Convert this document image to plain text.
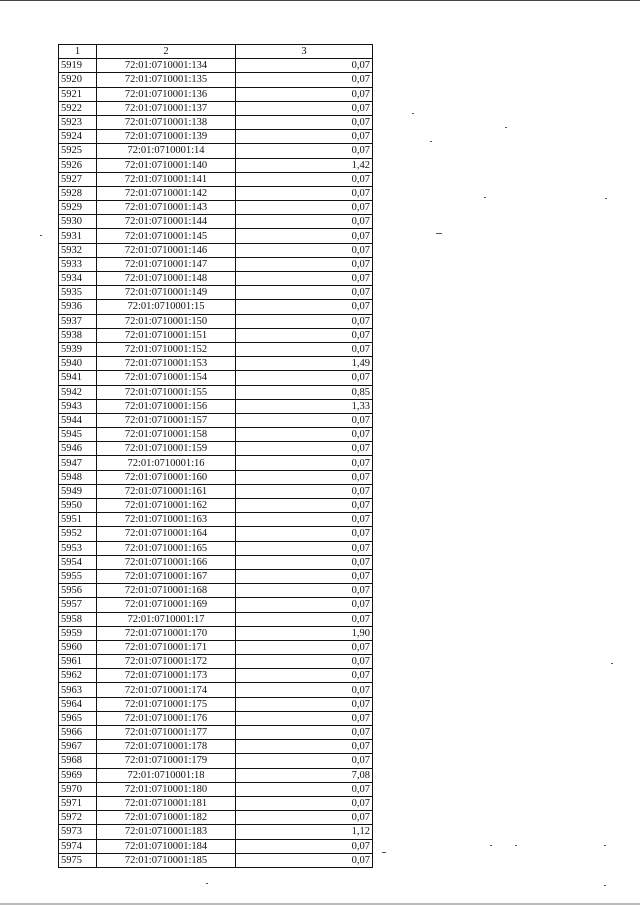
1	2	3
5919	72:01:0710001:134	0,07
5920	72:01:0710001:135	0,07
5921	72:01:0710001:136	0,07
5922	72:01:0710001:137	0,07
5923	72:01:0710001:138	0,07
5924	72:01:0710001:139	0,07
5925	72:01:0710001:14	0,07
5926	72:01:0710001:140	1,42
5927	72:01:0710001:141	0,07
5928	72:01:0710001:142	0,07
5929	72:01:0710001:143	0,07
5930	72:01:0710001:144	0,07
5931	72:01:0710001:145	0,07
5932	72:01:0710001:146	0,07
5933	72:01:0710001:147	0,07
5934	72:01:0710001:148	0,07
5935	72:01:0710001:149	0,07
5936	72:01:0710001:15	0,07
5937	72:01:0710001:150	0,07
5938	72:01:0710001:151	0,07
5939	72:01:0710001:152	0,07
5940	72:01:0710001:153	1,49
5941	72:01:0710001:154	0,07
5942	72:01:0710001:155	0,85
5943	72:01:0710001:156	1,33
5944	72:01:0710001:157	0,07
5945	72:01:0710001:158	0,07
5946	72:01:0710001:159	0,07
5947	72:01:0710001:16	0,07
5948	72:01:0710001:160	0,07
5949	72:01:0710001:161	0,07
5950	72:01:0710001:162	0,07
5951	72:01:0710001:163	0,07
5952	72:01:0710001:164	0,07
5953	72:01:0710001:165	0,07
5954	72:01:0710001:166	0,07
5955	72:01:0710001:167	0,07
5956	72:01:0710001:168	0,07
5957	72:01:0710001:169	0,07
5958	72:01:0710001:17	0,07
5959	72:01:0710001:170	1,90
5960	72:01:0710001:171	0,07
5961	72:01:0710001:172	0,07
5962	72:01:0710001:173	0,07
5963	72:01:0710001:174	0,07
5964	72:01:0710001:175	0,07
5965	72:01:0710001:176	0,07
5966	72:01:0710001:177	0,07
5967	72:01:0710001:178	0,07
5968	72:01:0710001:179	0,07
5969	72:01:0710001:18	7,08
5970	72:01:0710001:180	0,07
5971	72:01:0710001:181	0,07
5972	72:01:0710001:182	0,07
5973	72:01:0710001:183	1,12
5974	72:01:0710001:184	0,07
5975	72:01:0710001:185	0,07
